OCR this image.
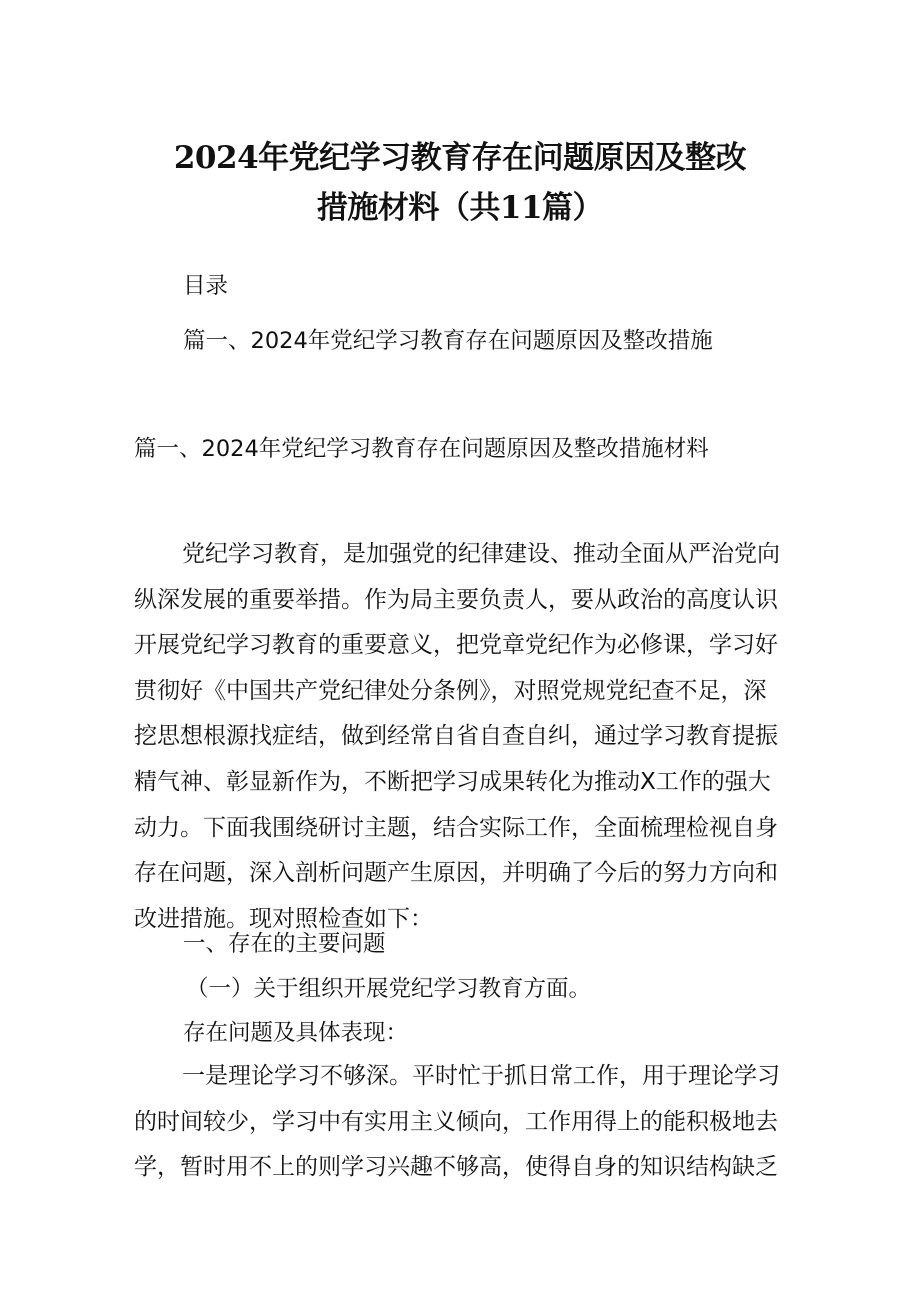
2024年党纪学习教育存在问题原因及整改
措施材料（共11篇）

目录

篇一、2024年党纪学习教育存在问题原因及整改措施

篇一、2024年党纪学习教育存在问题原因及整改措施材料

党纪学习教育，是加强党的纪律建设、推动全面从严治党向纵深发展的重要举措。作为局主要负责人，要从政治的高度认识开展党纪学习教育的重要意义，把党章党纪作为必修课，学习好贯彻好《中国共产党纪律处分条例》，对照党规党纪查不足，深挖思想根源找症结，做到经常自省自查自纠，通过学习教育提振精气神、彰显新作为，不断把学习成果转化为推动X工作的强大动力。下面我围绕研讨主题，结合实际工作，全面梳理检视自身存在问题，深入剖析问题产生原因，并明确了今后的努力方向和改进措施。现对照检查如下：

一、存在的主要问题

（一）关于组织开展党纪学习教育方面。

存在问题及具体表现：

一是理论学习不够深。平时忙于抓日常工作，用于理论学习的时间较少，学习中有实用主义倾向，工作用得上的能积极地去学，暂时用不上的则学习兴趣不够高，使得自身的知识结构缺乏
